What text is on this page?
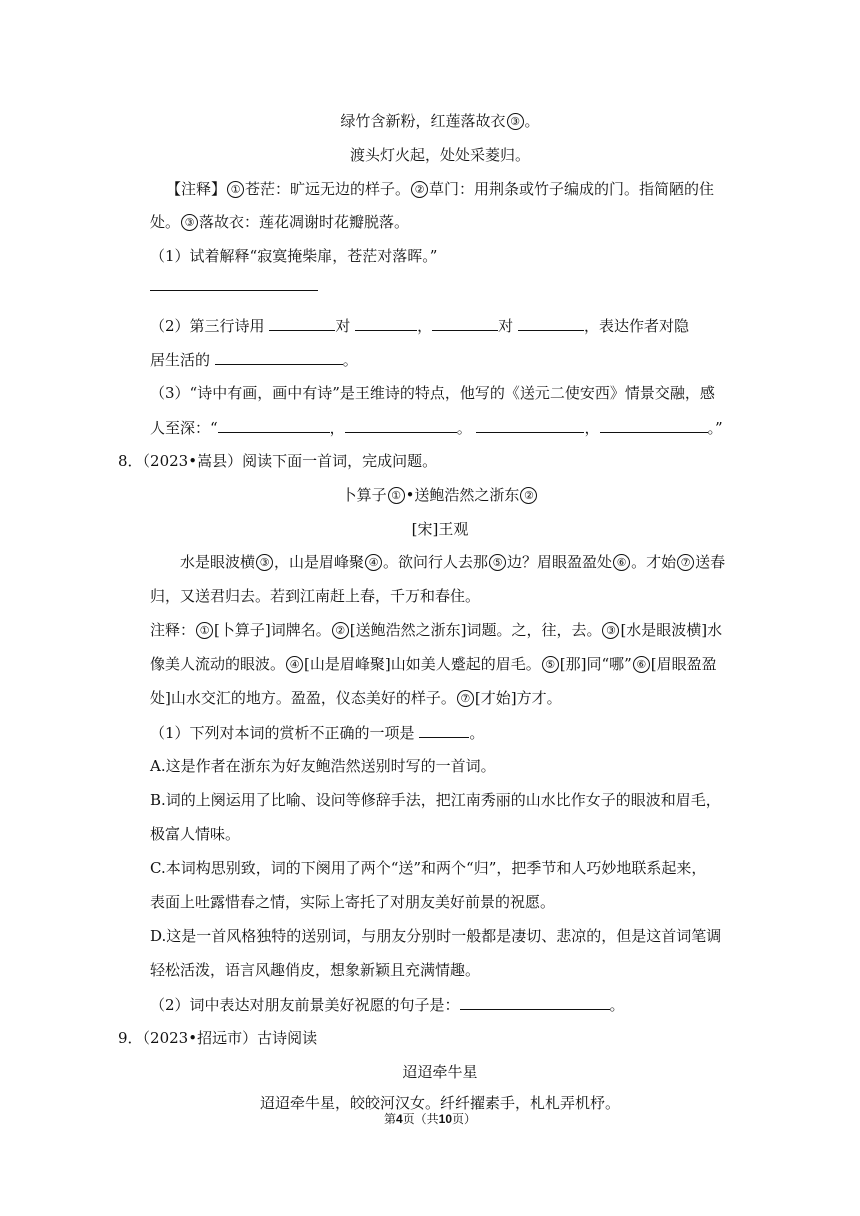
绿竹含新粉，红莲落故衣 ③ 。
渡头灯火起，处处采菱归。
【注释】 ① 苍茫：旷远无边的样子。 ② 草门：用荆条或竹子编成的门。指简陋的住
处。 ③ 落故衣：莲花凋谢时花瓣脱落。
（1）试着解释“寂寞掩柴扉，苍茫对落晖。”
（2）第三行诗用	对	，	对	，表达作者对隐
居生活的	。
（3）“诗中有画，画中有诗”是王维诗的特点，他写的《送元二使安西》情景交融，感
人至深：“	，	。	，	。”
8．（2023•嵩县）阅读下面一首词，完成问题。
卜算子 ① •送鲍浩然之浙东 ②
[宋]王观
水是眼波横 ③ ，山是眉峰聚 ④ 。欲问行人去那 ⑤ 边？眉眼盈盈处 ⑥ 。才始 ⑦ 送春
归，又送君归去。若到江南赶上春，千万和春住。
注释： ① [卜算子]词牌名。 ② [送鲍浩然之浙东]词题。之，往，去。 ③ [水是眼波横]水
像美人流动的眼波。 ④ [山是眉峰聚]山如美人蹙起的眉毛。 ⑤ [那]同“哪” ⑥ [眉眼盈盈
处]山水交汇的地方。盈盈，仪态美好的样子。 ⑦ [才始]方才。
（1）下列对本词的赏析不正确的一项是	。
A.这是作者在浙东为好友鲍浩然送别时写的一首词。
B.词的上阕运用了比喻、设问等修辞手法，把江南秀丽的山水比作女子的眼波和眉毛，
极富人情味。
C.本词构思别致，词的下阕用了两个“送”和两个“归”，把季节和人巧妙地联系起来，
表面上吐露惜春之情，实际上寄托了对朋友美好前景的祝愿。
D.这是一首风格独特的送别词，与朋友分别时一般都是凄切、悲凉的，但是这首词笔调
轻松活泼，语言风趣俏皮，想象新颖且充满情趣。
（2）词中表达对朋友前景美好祝愿的句子是：	。
9．（2023•招远市）古诗阅读
迢迢牵牛星
迢迢牵牛星，皎皎河汉女。纤纤擢素手，札札弄机杼。
第4页（共10页）
